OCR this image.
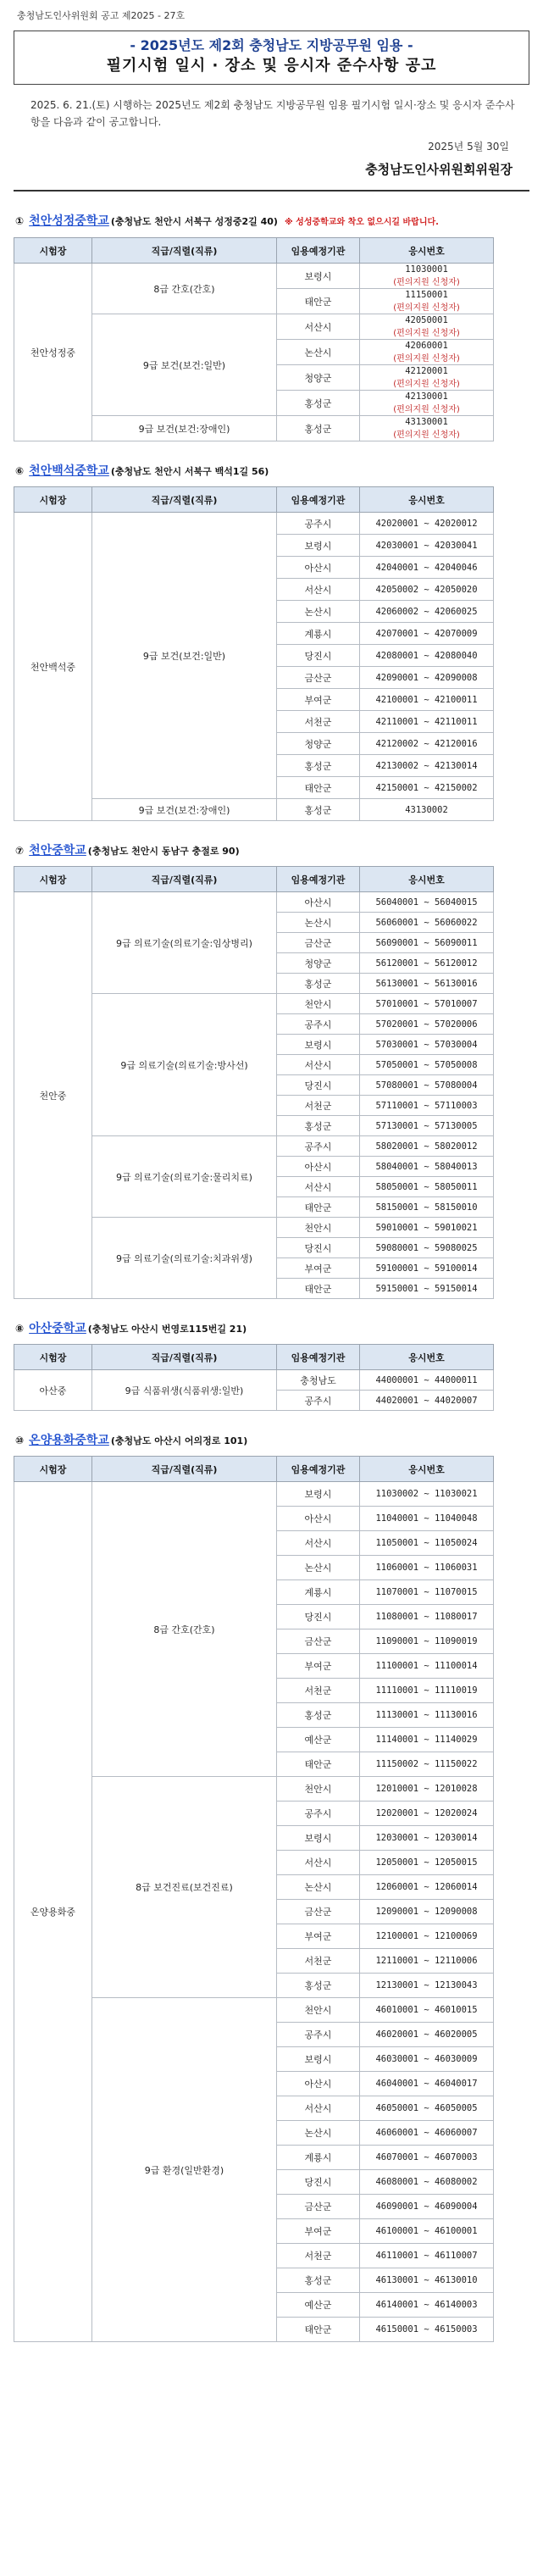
충청남도인사위원회 공고 제2025 - 27호
- 2025년도 제2회 충청남도 지방공무원 임용 -
필기시험 일시 · 장소 및 응시자 준수사항 공고
2025. 6. 21.(토) 시행하는 2025년도 제2회 충청남도 지방공무원 임용 필기시험 일시·장소 및 응시자 준수사항을 다음과 같이 공고합니다.
2025년 5월 30일
충청남도인사위원회위원장
① 천안성정중학교 (충청남도 천안시 서북구 성정중2길 40) ※ 성성중학교와 착오 없으시길 바랍니다.
시험장	직급/직렬(직류)	임용예정기관	응시번호
천안성정중	8급 간호(간호)	보령시	11030001
(편의지원 신청자)

		태안군	11150001
(편의지원 신청자)

	9급 보건(보건:일반)	서산시	42050001
(편의지원 신청자)

		논산시	42060001
(편의지원 신청자)

		청양군	42120001
(편의지원 신청자)

		홍성군	42130001
(편의지원 신청자)

	9급 보건(보건:장애인)	홍성군	43130001
(편의지원 신청자)
⑥ 천안백석중학교 (충청남도 천안시 서북구 백석1길 56)
시험장	직급/직렬(직류)	임용예정기관	응시번호
천안백석중	9급 보건(보건:일반)	공주시	42020001 ~ 42020012
		보령시	42030001 ~ 42030041
		아산시	42040001 ~ 42040046
		서산시	42050002 ~ 42050020
		논산시	42060002 ~ 42060025
		계룡시	42070001 ~ 42070009
		당진시	42080001 ~ 42080040
		금산군	42090001 ~ 42090008
		부여군	42100001 ~ 42100011
		서천군	42110001 ~ 42110011
		청양군	42120002 ~ 42120016
		홍성군	42130002 ~ 42130014
		태안군	42150001 ~ 42150002
	9급 보건(보건:장애인)	홍성군	43130002
⑦ 천안중학교 (충청남도 천안시 동남구 충절로 90)
시험장	직급/직렬(직류)	임용예정기관	응시번호
천안중	9급 의료기술(의료기술:임상병리)	아산시	56040001 ~ 56040015
		논산시	56060001 ~ 56060022
		금산군	56090001 ~ 56090011
		청양군	56120001 ~ 56120012
		홍성군	56130001 ~ 56130016
	9급 의료기술(의료기술:방사선)	천안시	57010001 ~ 57010007
		공주시	57020001 ~ 57020006
		보령시	57030001 ~ 57030004
		서산시	57050001 ~ 57050008
		당진시	57080001 ~ 57080004
		서천군	57110001 ~ 57110003
		홍성군	57130001 ~ 57130005
	9급 의료기술(의료기술:물리치료)	공주시	58020001 ~ 58020012
		아산시	58040001 ~ 58040013
		서산시	58050001 ~ 58050011
		태안군	58150001 ~ 58150010
	9급 의료기술(의료기술:치과위생)	천안시	59010001 ~ 59010021
		당진시	59080001 ~ 59080025
		부여군	59100001 ~ 59100014
		태안군	59150001 ~ 59150014
⑧ 아산중학교 (충청남도 아산시 번영로115번길 21)
시험장	직급/직렬(직류)	임용예정기관	응시번호
아산중	9급 식품위생(식품위생:일반)	충청남도	44000001 ~ 44000011
		공주시	44020001 ~ 44020007
⑩ 온양용화중학교 (충청남도 아산시 어의정로 101)
시험장	직급/직렬(직류)	임용예정기관	응시번호
온양용화중	8급 간호(간호)	보령시	11030002 ~ 11030021
		아산시	11040001 ~ 11040048
		서산시	11050001 ~ 11050024
		논산시	11060001 ~ 11060031
		계룡시	11070001 ~ 11070015
		당진시	11080001 ~ 11080017
		금산군	11090001 ~ 11090019
		부여군	11100001 ~ 11100014
		서천군	11110001 ~ 11110019
		홍성군	11130001 ~ 11130016
		예산군	11140001 ~ 11140029
		태안군	11150002 ~ 11150022
	8급 보건진료(보건진료)	천안시	12010001 ~ 12010028
		공주시	12020001 ~ 12020024
		보령시	12030001 ~ 12030014
		서산시	12050001 ~ 12050015
		논산시	12060001 ~ 12060014
		금산군	12090001 ~ 12090008
		부여군	12100001 ~ 12100069
		서천군	12110001 ~ 12110006
		홍성군	12130001 ~ 12130043
	9급 환경(일반환경)	천안시	46010001 ~ 46010015
		공주시	46020001 ~ 46020005
		보령시	46030001 ~ 46030009
		아산시	46040001 ~ 46040017
		서산시	46050001 ~ 46050005
		논산시	46060001 ~ 46060007
		계룡시	46070001 ~ 46070003
		당진시	46080001 ~ 46080002
		금산군	46090001 ~ 46090004
		부여군	46100001 ~ 46100001
		서천군	46110001 ~ 46110007
		홍성군	46130001 ~ 46130010
		예산군	46140001 ~ 46140003
		태안군	46150001 ~ 46150003
